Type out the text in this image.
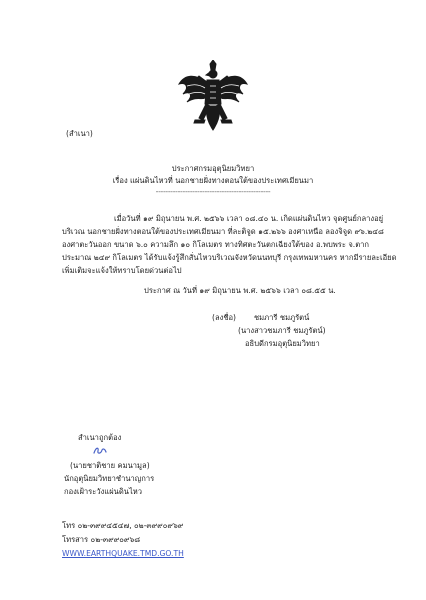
(สำเนา)
ประกาศกรมอุตุนิยมวิทยา
เรื่อง แผ่นดินไหวที่ นอกชายฝั่งทางตอนใต้ของประเทศเมียนมา
-----------------------------------------------
เมื่อวันที่ ๑๙ มิถุนายน พ.ศ. ๒๕๖๖ เวลา ๐๘.๔๐ น. เกิดแผ่นดินไหว จุดศูนย์กลางอยู่
บริเวณ นอกชายฝั่งทางตอนใต้ของประเทศเมียนมา ที่ละติจูด ๑๕.๒๖๖ องศาเหนือ ลองจิจูด ๙๖.๒๔๘
องศาตะวันออก ขนาด ๖.๐ ความลึก ๑๐ กิโลเมตร ทางทิศตะวันตกเฉียงใต้ของ อ.พบพระ จ.ตาก
ประมาณ ๒๔๙ กิโลเมตร ได้รับแจ้งรู้สึกสั่นไหวบริเวณจังหวัดนนทบุรี กรุงเทพมหานคร หากมีรายละเอียด
เพิ่มเติมจะแจ้งให้ทราบโดยด่วนต่อไป
ประกาศ ณ วันที่ ๑๙ มิถุนายน พ.ศ. ๒๕๖๖ เวลา ๐๘.๕๕ น.
(ลงชื่อ) ชมภารี ชมภูรัตน์
(นางสาวชมภารี ชมภูรัตน์)
อธิบดีกรมอุตุนิยมวิทยา
สำเนาถูกต้อง
(นายชาติชาย คมนามูล)
นักอุตุนิยมวิทยาชำนาญการ
กองเฝ้าระวังแผ่นดินไหว
โทร ๐๒-๓๙๙๔๕๔๗, ๐๒-๓๙๙๐๙๖๙
โทรสาร ๐๒-๓๙๙๐๙๖๘
WWW.EARTHQUAKE.TMD.GO.TH
